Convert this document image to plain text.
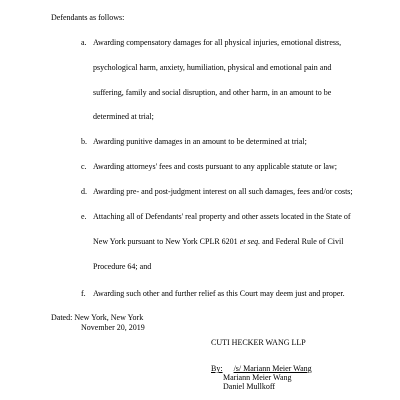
Defendants as follows:
a. Awarding compensatory damages for all physical injuries, emotional distress,
psychological harm, anxiety, humiliation, physical and emotional pain and
suffering, family and social disruption, and other harm, in an amount to be
determined at trial;
b. Awarding punitive damages in an amount to be determined at trial;
c. Awarding attorneys' fees and costs pursuant to any applicable statute or law;
d. Awarding pre- and post-judgment interest on all such damages, fees and/or costs;
e. Attaching all of Defendants' real property and other assets located in the State of
New York pursuant to New York CPLR 6201 et seq. and Federal Rule of Civil
Procedure 64; and
f. Awarding such other and further relief as this Court may deem just and proper.
Dated: New York, New York
November 20, 2019
CUTI HECKER WANG LLP
By: /s/ Mariann Meier Wang
Mariann Meier Wang
Daniel Mullkoff
